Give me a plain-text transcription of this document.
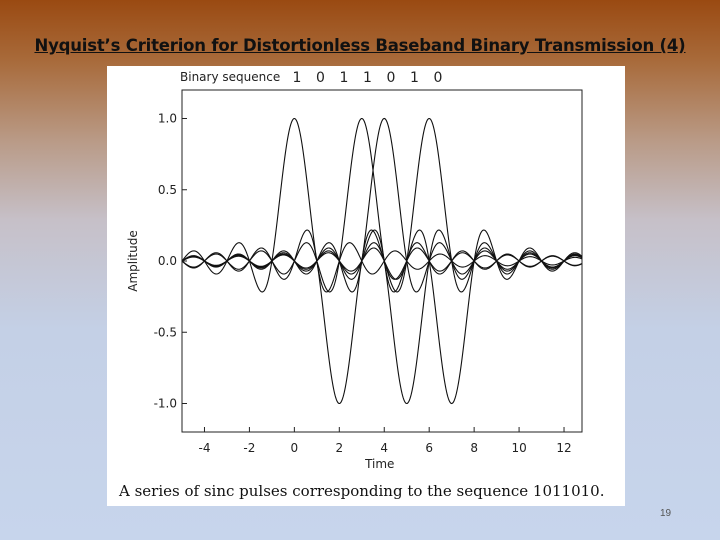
Nyquist’s Criterion for Distortionless Baseband Binary Transmission (4)
1.0
0.5
0.0
-0.5
-1.0
-4	-2	0	2	4	6	8	10 12
Amplitude
Time
Binary sequence 1 0 1 1 0 1 0
A series of sinc pulses corresponding to the sequence 1011010.
19
